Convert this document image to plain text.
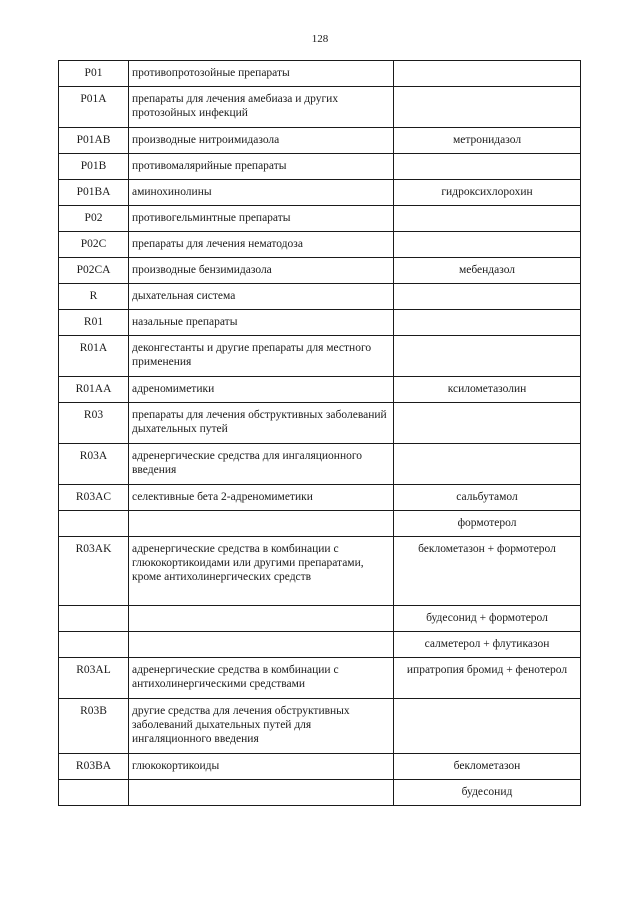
128
P01	противопротозойные препараты	
P01A	препараты для лечения амебиаза и других протозойных инфекций	
P01AB	производные нитроимидазола	метронидазол
P01B	противомалярийные препараты	
P01BA	аминохинолины	гидроксихлорохин
P02	противогельминтные препараты	
P02C	препараты для лечения нематодоза	
P02CA	производные бензимидазола	мебендазол
R	дыхательная система	
R01	назальные препараты	
R01A	деконгестанты и другие препараты для местного применения	
R01AA	адреномиметики	ксилометазолин
R03	препараты для лечения обструктивных заболеваний дыхательных путей	
R03A	адренергические средства для ингаляционного введения	
R03AC	селективные бета 2-адреномиметики	сальбутамол
		формотерол
R03AK	адренергические средства в комбинации с глюкокортикоидами или другими препаратами, кроме антихолинергических средств	беклометазон + формотерол
		будесонид + формотерол
		салметерол + флутиказон
R03AL	адренергические средства в комбинации с антихолинергическими средствами	ипратропия бромид + фенотерол
R03B	другие средства для лечения обструктивных заболеваний дыхательных путей для ингаляционного введения	
R03BA	глюкокортикоиды	беклометазон
		будесонид
